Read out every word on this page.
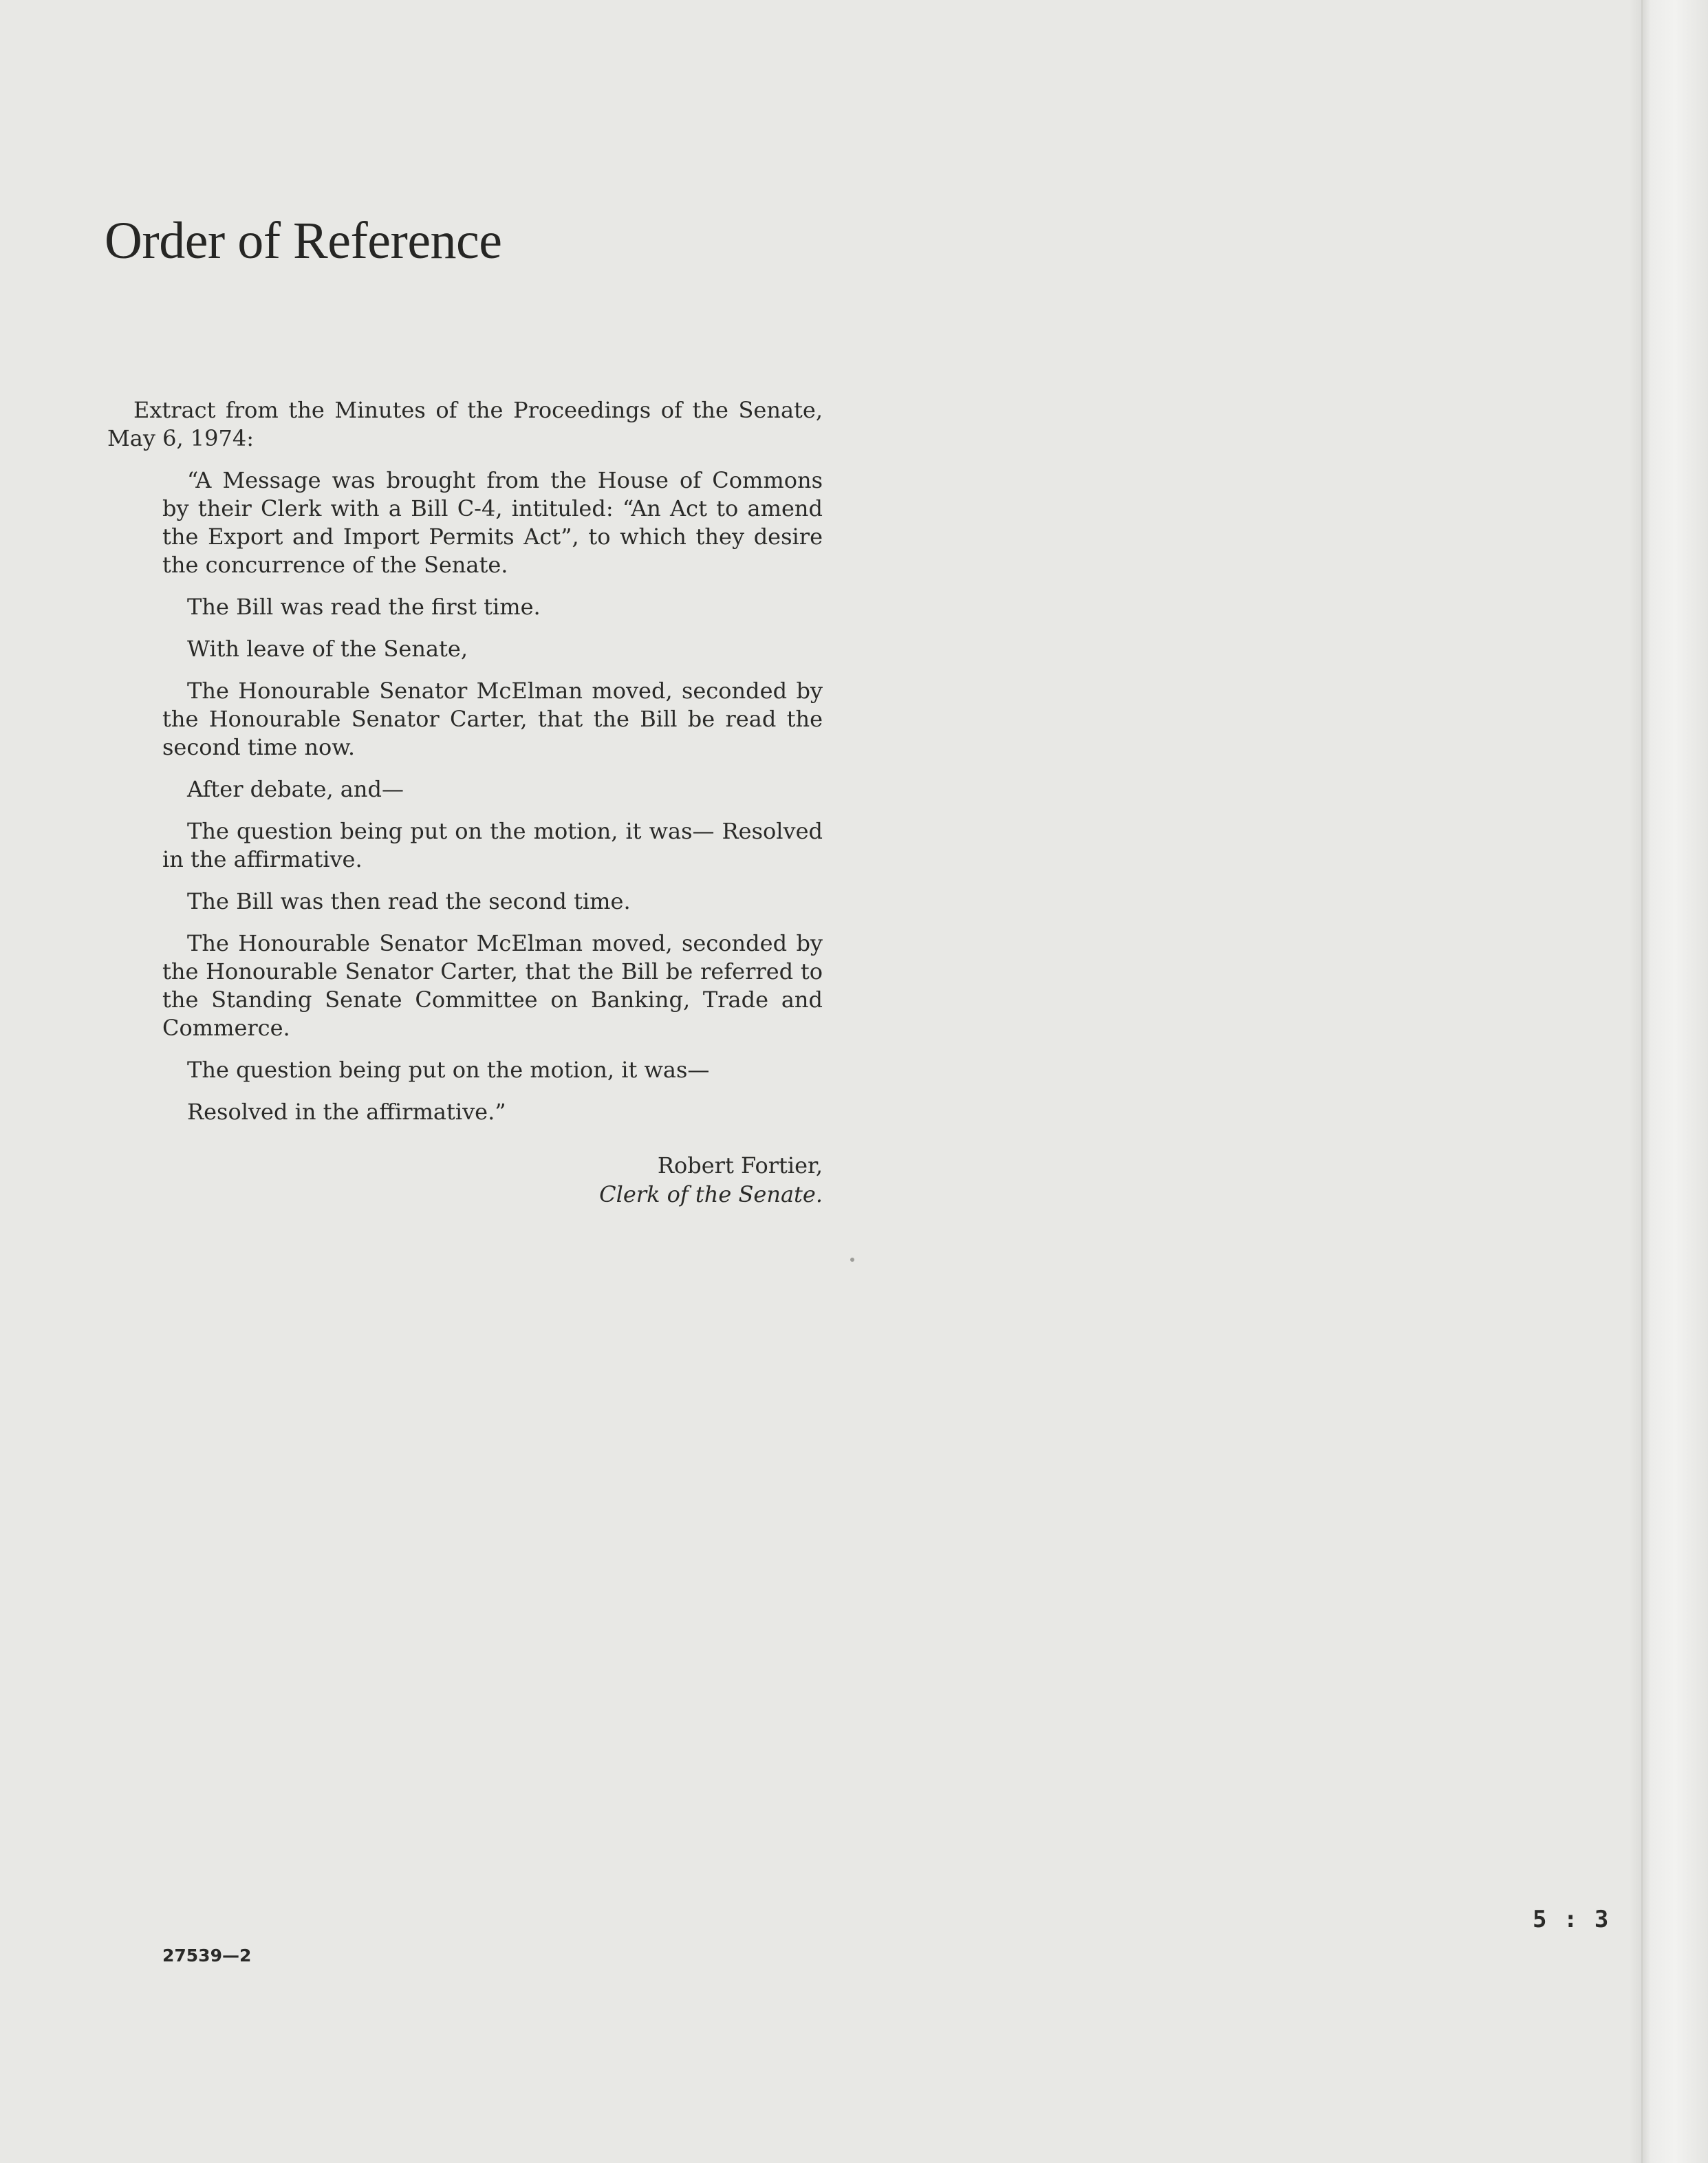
Order of Reference

Extract from the Minutes of the Proceedings of the Senate, May 6, 1974:

“A Message was brought from the House of Commons by their Clerk with a Bill C-4, intituled: “An Act to amend the Export and Import Permits Act”, to which they desire the concurrence of the Senate.

The Bill was read the first time.

With leave of the Senate,

The Honourable Senator McElman moved, seconded by the Honourable Senator Carter, that the Bill be read the second time now.

After debate, and—

The question being put on the motion, it was— Resolved in the affirmative.

The Bill was then read the second time.

The Honourable Senator McElman moved, seconded by the Honourable Senator Carter, that the Bill be referred to the Standing Senate Committee on Banking, Trade and Commerce.

The question being put on the motion, it was—

Resolved in the affirmative.”

Robert Fortier,
Clerk of the Senate.
5 : 3
27539—2
